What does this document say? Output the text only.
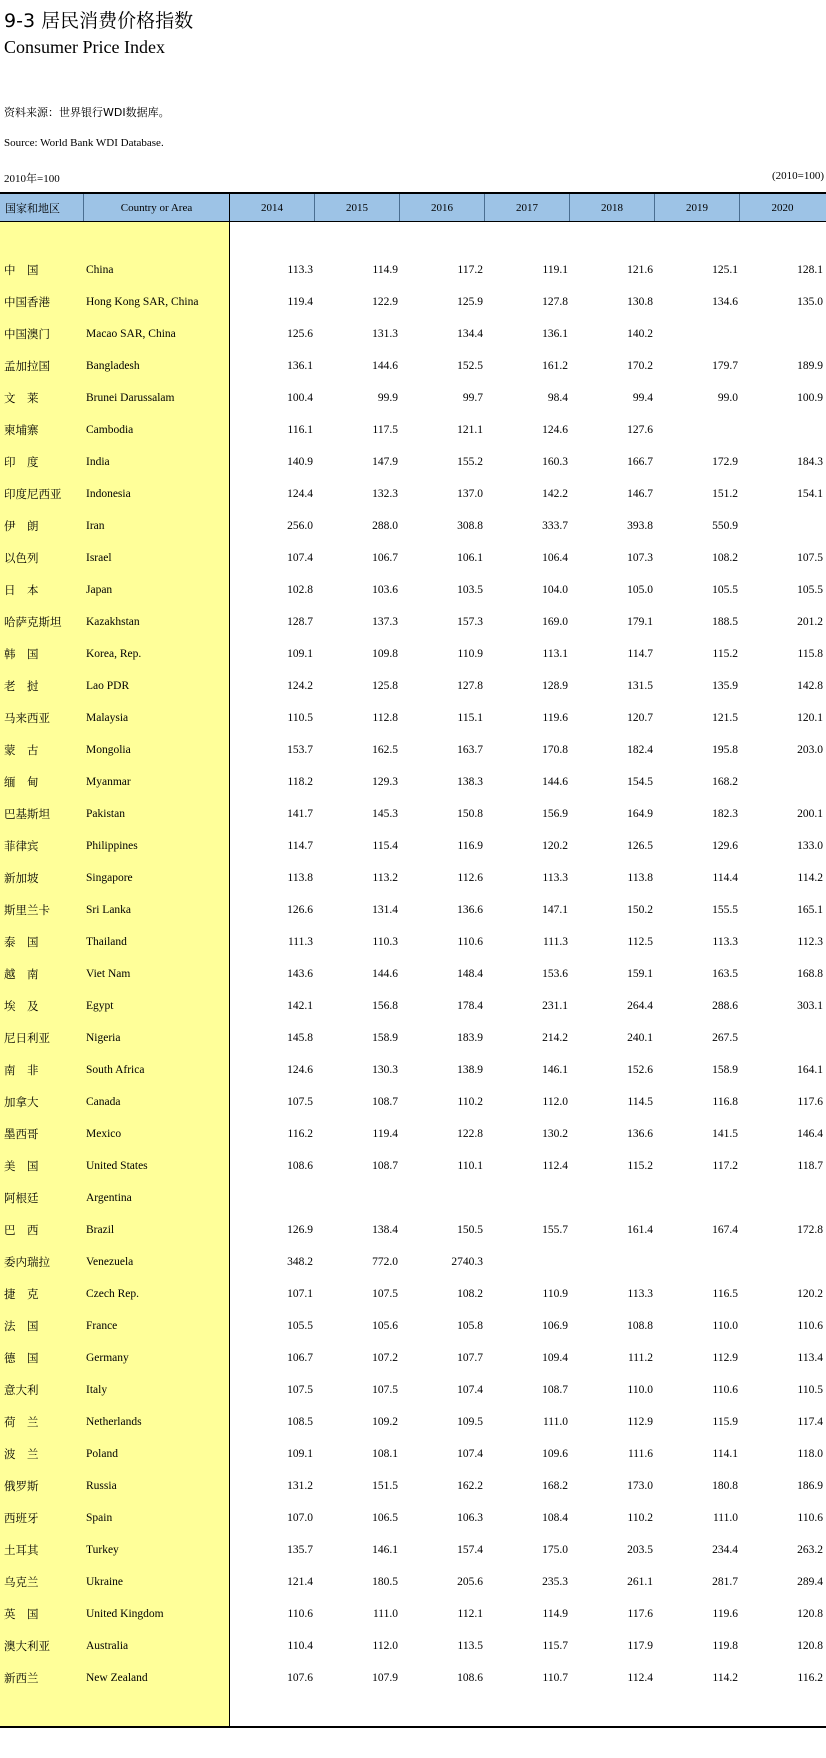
9-3 居民消费价格指数
Consumer Price Index
资料来源：世界银行WDI数据库。
Source: World Bank WDI Database.
2010年=100	(2010=100)
国家和地区	Country or Area	2014	2015	2016	2017	2018	2019	2020
中　国	China	113.3	114.9	117.2	119.1	121.6	125.1	128.1
中国香港	Hong Kong SAR, China	119.4	122.9	125.9	127.8	130.8	134.6	135.0
中国澳门	Macao SAR, China	125.6	131.3	134.4	136.1	140.2
孟加拉国	Bangladesh	136.1	144.6	152.5	161.2	170.2	179.7	189.9
文　莱	Brunei Darussalam	100.4	99.9	99.7	98.4	99.4	99.0	100.9
柬埔寨	Cambodia	116.1	117.5	121.1	124.6	127.6
印　度	India	140.9	147.9	155.2	160.3	166.7	172.9	184.3
印度尼西亚	Indonesia	124.4	132.3	137.0	142.2	146.7	151.2	154.1
伊　朗	Iran	256.0	288.0	308.8	333.7	393.8	550.9
以色列	Israel	107.4	106.7	106.1	106.4	107.3	108.2	107.5
日　本	Japan	102.8	103.6	103.5	104.0	105.0	105.5	105.5
哈萨克斯坦	Kazakhstan	128.7	137.3	157.3	169.0	179.1	188.5	201.2
韩　国	Korea, Rep.	109.1	109.8	110.9	113.1	114.7	115.2	115.8
老　挝	Lao PDR	124.2	125.8	127.8	128.9	131.5	135.9	142.8
马来西亚	Malaysia	110.5	112.8	115.1	119.6	120.7	121.5	120.1
蒙　古	Mongolia	153.7	162.5	163.7	170.8	182.4	195.8	203.0
缅　甸	Myanmar	118.2	129.3	138.3	144.6	154.5	168.2
巴基斯坦	Pakistan	141.7	145.3	150.8	156.9	164.9	182.3	200.1
菲律宾	Philippines	114.7	115.4	116.9	120.2	126.5	129.6	133.0
新加坡	Singapore	113.8	113.2	112.6	113.3	113.8	114.4	114.2
斯里兰卡	Sri Lanka	126.6	131.4	136.6	147.1	150.2	155.5	165.1
泰　国	Thailand	111.3	110.3	110.6	111.3	112.5	113.3	112.3
越　南	Viet Nam	143.6	144.6	148.4	153.6	159.1	163.5	168.8
埃　及	Egypt	142.1	156.8	178.4	231.1	264.4	288.6	303.1
尼日利亚	Nigeria	145.8	158.9	183.9	214.2	240.1	267.5
南　非	South Africa	124.6	130.3	138.9	146.1	152.6	158.9	164.1
加拿大	Canada	107.5	108.7	110.2	112.0	114.5	116.8	117.6
墨西哥	Mexico	116.2	119.4	122.8	130.2	136.6	141.5	146.4
美　国	United States	108.6	108.7	110.1	112.4	115.2	117.2	118.7
阿根廷	Argentina
巴　西	Brazil	126.9	138.4	150.5	155.7	161.4	167.4	172.8
委内瑞拉	Venezuela	348.2	772.0	2740.3
捷　克	Czech Rep.	107.1	107.5	108.2	110.9	113.3	116.5	120.2
法　国	France	105.5	105.6	105.8	106.9	108.8	110.0	110.6
德　国	Germany	106.7	107.2	107.7	109.4	111.2	112.9	113.4
意大利	Italy	107.5	107.5	107.4	108.7	110.0	110.6	110.5
荷　兰	Netherlands	108.5	109.2	109.5	111.0	112.9	115.9	117.4
波　兰	Poland	109.1	108.1	107.4	109.6	111.6	114.1	118.0
俄罗斯	Russia	131.2	151.5	162.2	168.2	173.0	180.8	186.9
西班牙	Spain	107.0	106.5	106.3	108.4	110.2	111.0	110.6
土耳其	Turkey	135.7	146.1	157.4	175.0	203.5	234.4	263.2
乌克兰	Ukraine	121.4	180.5	205.6	235.3	261.1	281.7	289.4
英　国	United Kingdom	110.6	111.0	112.1	114.9	117.6	119.6	120.8
澳大利亚	Australia	110.4	112.0	113.5	115.7	117.9	119.8	120.8
新西兰	New Zealand	107.6	107.9	108.6	110.7	112.4	114.2	116.2
